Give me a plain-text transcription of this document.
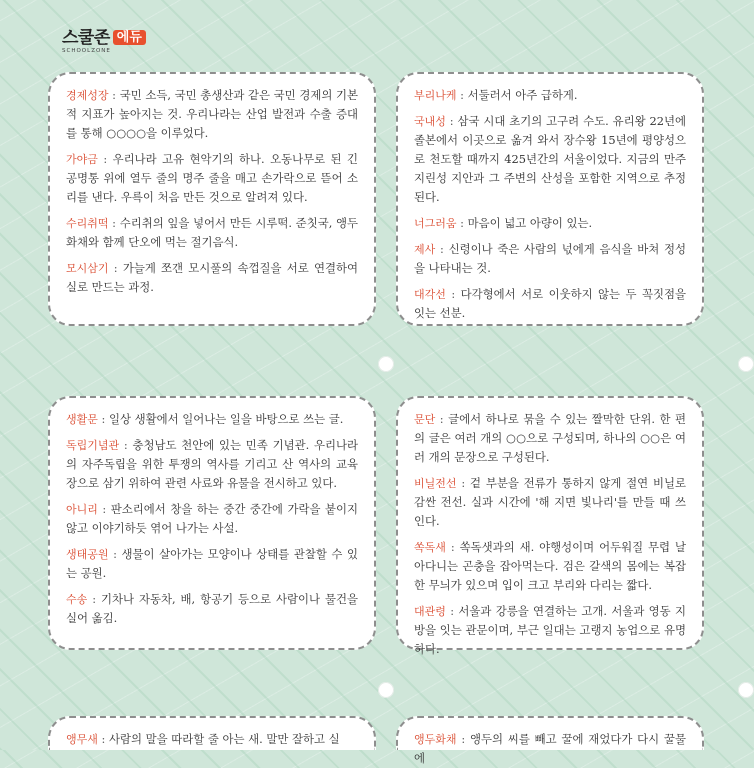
스쿨존 에듀
SCHOOLZONE
경제성장 : 국민 소득, 국민 총생산과 같은 국민 경제의 기본적 지표가 높아지는 것. 우리나라는 산업 발전과 수출 증대를 통해 ○○○○을 이루었다.
가야금 : 우리나라 고유 현악기의 하나. 오동나무로 된 긴 공명통 위에 열두 줄의 명주 줄을 매고 손가락으로 뜯어 소리를 낸다. 우륵이 처음 만든 것으로 알려져 있다.
수리취떡 : 수리취의 잎을 넣어서 만든 시루떡. 준칫국, 앵두화채와 함께 단오에 먹는 절기음식.
모시삼기 : 가늘게 쪼갠 모시풀의 속껍질을 서로 연결하여 실로 만드는 과정.
부리나케 : 서둘러서 아주 급하게.
국내성 : 삼국 시대 초기의 고구려 수도. 유리왕 22년에 졸본에서 이곳으로 옮겨 와서 장수왕 15년에 평양성으로 천도할 때까지 425년간의 서울이었다. 지금의 만주 지린성 지안과 그 주변의 산성을 포함한 지역으로 추정된다.
너그러움 : 마음이 넓고 아량이 있는.
제사 : 신령이나 죽은 사람의 넋에게 음식을 바쳐 정성을 나타내는 것.
대각선 : 다각형에서 서로 이웃하지 않는 두 꼭짓점을 잇는 선분.
생활문 : 일상 생활에서 일어나는 일을 바탕으로 쓰는 글.
독립기념관 : 충청남도 천안에 있는 민족 기념관. 우리나라의 자주독립을 위한 투쟁의 역사를 기리고 산 역사의 교육장으로 삼기 위하여 관련 사료와 유물을 전시하고 있다.
아니리 : 판소리에서 창을 하는 중간 중간에 가락을 붙이지 않고 이야기하듯 엮어 나가는 사설.
생태공원 : 생물이 살아가는 모양이나 상태를 관찰할 수 있는 공원.
수송 : 기차나 자동차, 배, 항공기 등으로 사람이나 물건을 실어 옮김.
문단 : 글에서 하나로 묶을 수 있는 짤막한 단위. 한 편의 글은 여러 개의 ○○으로 구성되며, 하나의 ○○은 여러 개의 문장으로 구성된다.
비닐전선 : 겉 부분을 전류가 통하지 않게 절연 비닐로 감싼 전선. 실과 시간에 '해 지면 빛나리'를 만들 때 쓰인다.
쏙독새 : 쏙독샛과의 새. 야행성이며 어두워질 무렵 날아다니는 곤충을 잡아먹는다. 검은 갈색의 몸에는 복잡한 무늬가 있으며 입이 크고 부리와 다리는 짧다.
대관령 : 서울과 강릉을 연결하는 고개. 서울과 영동 지방을 잇는 관문이며, 부근 일대는 고랭지 농업으로 유명하다.
앵무새 : 사람의 말을 따라할 줄 아는 새. 말만 잘하고 실	앵두화채 : 앵두의 씨를 빼고 꿀에 재었다가 다시 꿀물에
